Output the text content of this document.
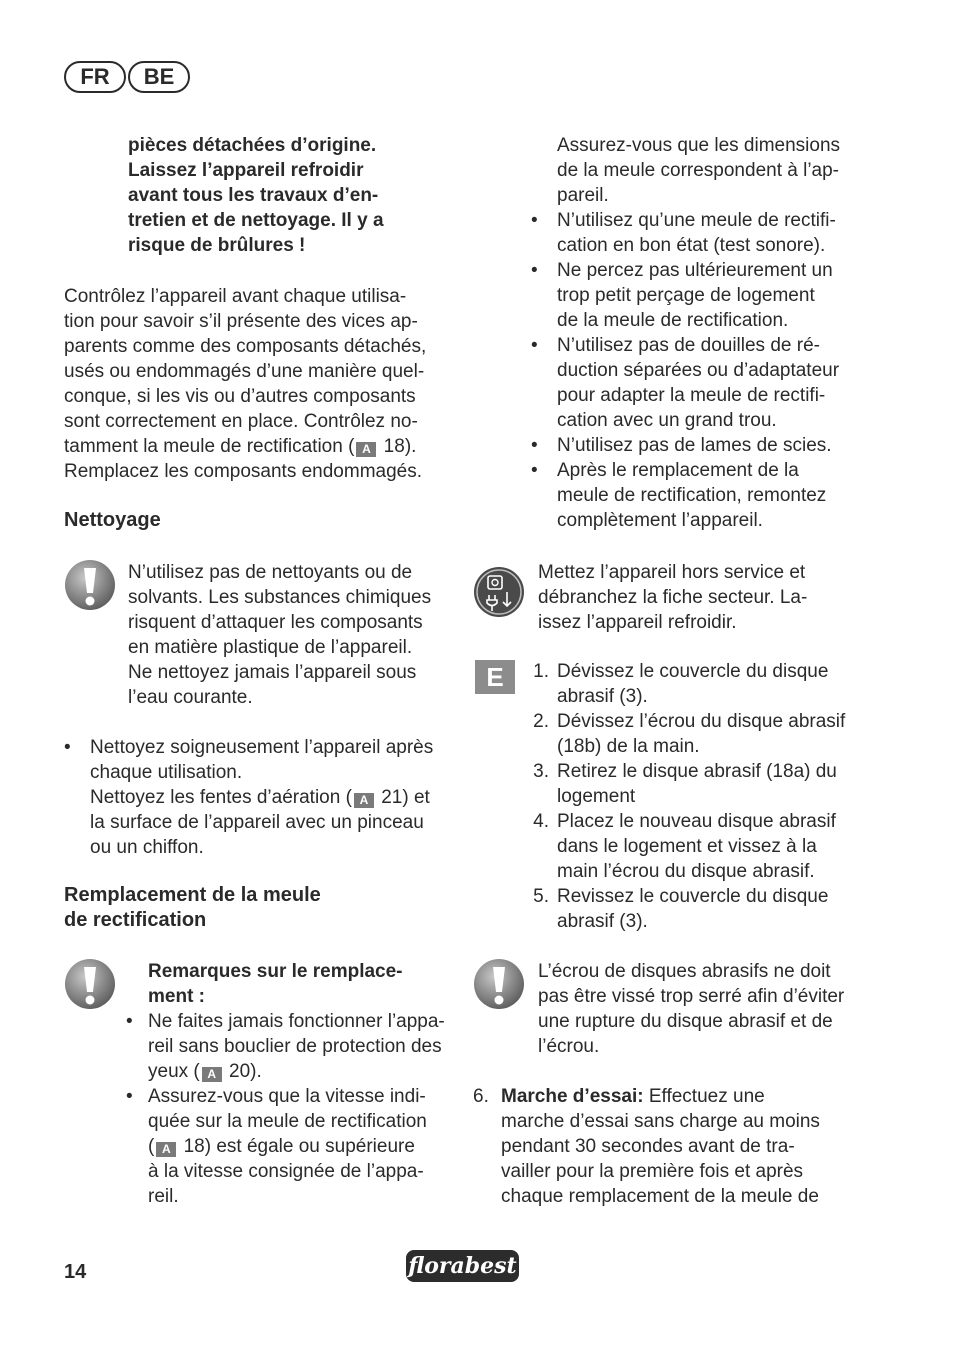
FR	BE
pièces détachées d’origine.
Laissez l’appareil refroidir
avant tous les travaux d’en-
tretien et de nettoyage. Il y a
risque de brûlures !
Contrôlez l’appareil avant chaque utilisa-
tion pour savoir s’il présente des vices ap-
parents comme des composants détachés,
usés ou endommagés d’une manière quel-
conque, si les vis ou d’autres composants
sont correctement en place. Contrôlez no-
tamment la meule de rectification ( A 18).
Remplacez les composants endommagés.
Nettoyage
N’utilisez pas de nettoyants ou de
solvants. Les substances chimiques
risquent d’attaquer les composants
en matière plastique de l’appareil.
Ne nettoyez jamais l’appareil sous
l’eau courante.
• Nettoyez soigneusement l’appareil après
chaque utilisation.
Nettoyez les fentes d’aération ( A 21) et
la surface de l’appareil avec un pinceau
ou un chiffon.
Remplacement de la meule
de rectification
Remarques sur le remplace-
ment :
• Ne faites jamais fonctionner l’appa-
reil sans bouclier de protection des
yeux ( A 20).
• Assurez-vous que la vitesse indi-
quée sur la meule de rectification
( A 18) est égale ou supérieure
à la vitesse consignée de l’appa-
reil.
Assurez-vous que les dimensions
de la meule correspondent à l’ap-
pareil.
• N’utilisez qu’une meule de rectifi-
cation en bon état (test sonore).
• Ne percez pas ultérieurement un
trop petit perçage de logement
de la meule de rectification.
• N’utilisez pas de douilles de ré-
duction séparées ou d’adaptateur
pour adapter la meule de rectifi-
cation avec un grand trou.
• N’utilisez pas de lames de scies.
• Après le remplacement de la
meule de rectification, remontez
complètement l’appareil.
Mettez l’appareil hors service et
débranchez la fiche secteur. La-
issez l’appareil refroidir.
E	1. Dévissez le couvercle du disque
abrasif (3).
2. Dévissez l’écrou du disque abrasif
(18b) de la main.
3. Retirez le disque abrasif (18a) du
logement
4. Placez le nouveau disque abrasif
dans le logement et vissez à la
main l’écrou du disque abrasif.
5. Revissez le couvercle du disque
abrasif (3).
L’écrou de disques abrasifs ne doit
pas être vissé trop serré afin d’éviter
une rupture du disque abrasif et de
l’écrou.
6. Marche d’essai: Effectuez une
marche d’essai sans charge au moins
pendant 30 secondes avant de tra-
vailler pour la première fois et après
chaque remplacement de la meule de
14	florabest
